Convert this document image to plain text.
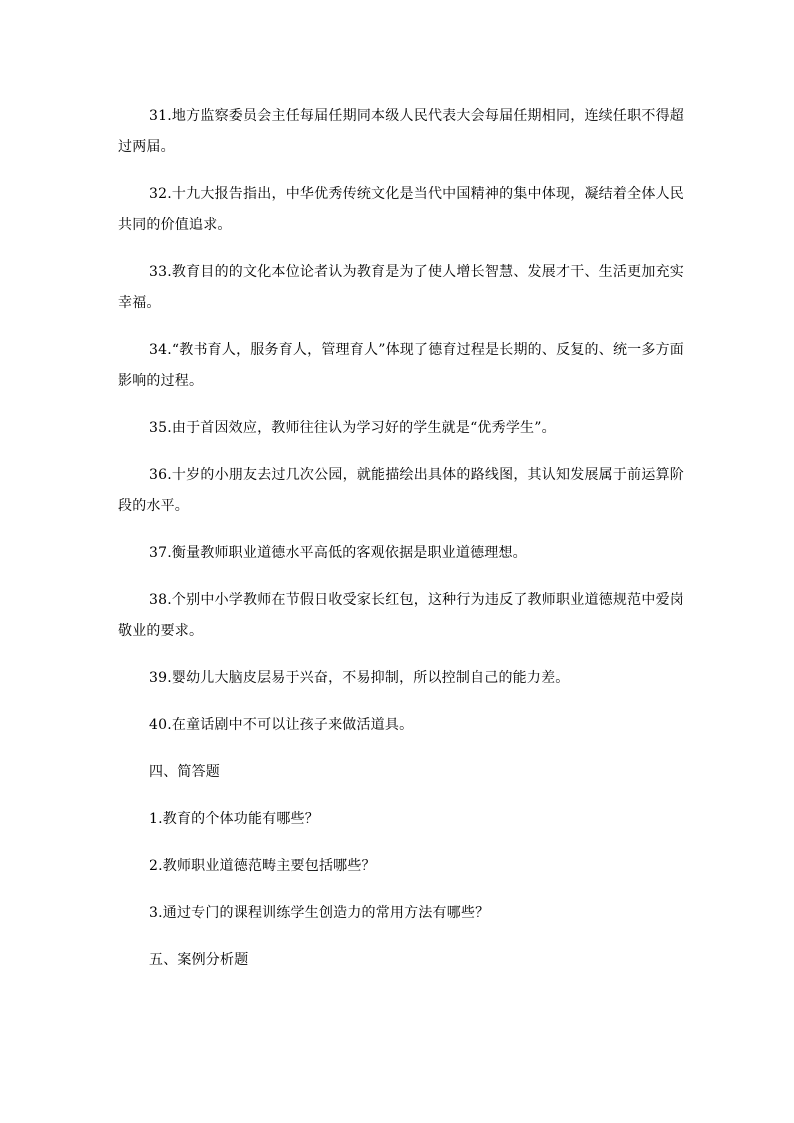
31.地方监察委员会主任每届任期同本级人民代表大会每届任期相同，连续任职不得超过两届。

32.十九大报告指出，中华优秀传统文化是当代中国精神的集中体现，凝结着全体人民共同的价值追求。

33.教育目的的文化本位论者认为教育是为了使人增长智慧、发展才干、生活更加充实幸福。

34.“教书育人，服务育人，管理育人”体现了德育过程是长期的、反复的、统一多方面影响的过程。

35.由于首因效应，教师往往认为学习好的学生就是“优秀学生”。

36.十岁的小朋友去过几次公园，就能描绘出具体的路线图，其认知发展属于前运算阶段的水平。

37.衡量教师职业道德水平高低的客观依据是职业道德理想。

38.个别中小学教师在节假日收受家长红包，这种行为违反了教师职业道德规范中爱岗敬业的要求。

39.婴幼儿大脑皮层易于兴奋，不易抑制，所以控制自己的能力差。

40.在童话剧中不可以让孩子来做活道具。

四、简答题

1.教育的个体功能有哪些？

2.教师职业道德范畴主要包括哪些？

3.通过专门的课程训练学生创造力的常用方法有哪些？

五、案例分析题
